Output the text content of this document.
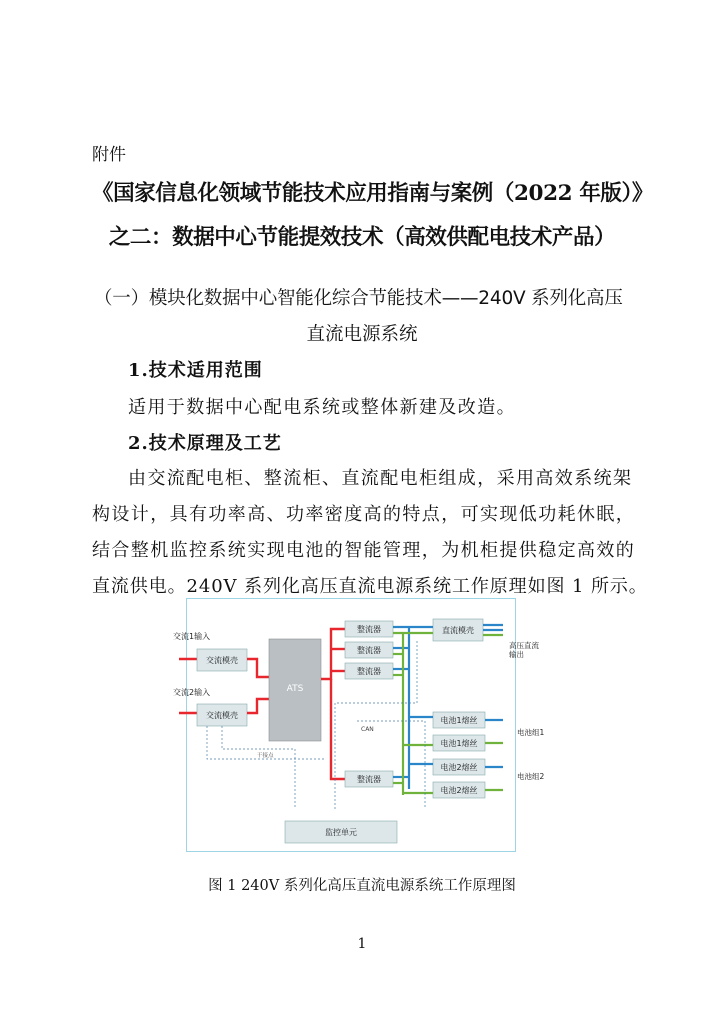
附件
《国家信息化领域节能技术应用指南与案例（2022 年版）》
之二：数据中心节能提效技术（高效供配电技术产品）
（一）模块化数据中心智能化综合节能技术——240V 系列化高压
直流电源系统
1.技术适用范围
适用于数据中心配电系统或整体新建及改造。
2.技术原理及工艺
由交流配电柜、整流柜、直流配电柜组成，采用高效系统架
构设计，具有功率高、功率密度高的特点，可实现低功耗休眠，
结合整机监控系统实现电池的智能管理，为机柜提供稳定高效的
直流供电。240V 系列化高压直流电源系统工作原理如图 1 所示。
交流1输入
交流2输入
交流模壳
交流模壳
ATS
整流器
整流器
整流器
整流器
直流模壳
高压直流
输出
电池1熔丝
电池1熔丝
电池2熔丝
电池2熔丝
电池组1
电池组2
CAN
干接点
监控单元
图 1 240V 系列化高压直流电源系统工作原理图
1
